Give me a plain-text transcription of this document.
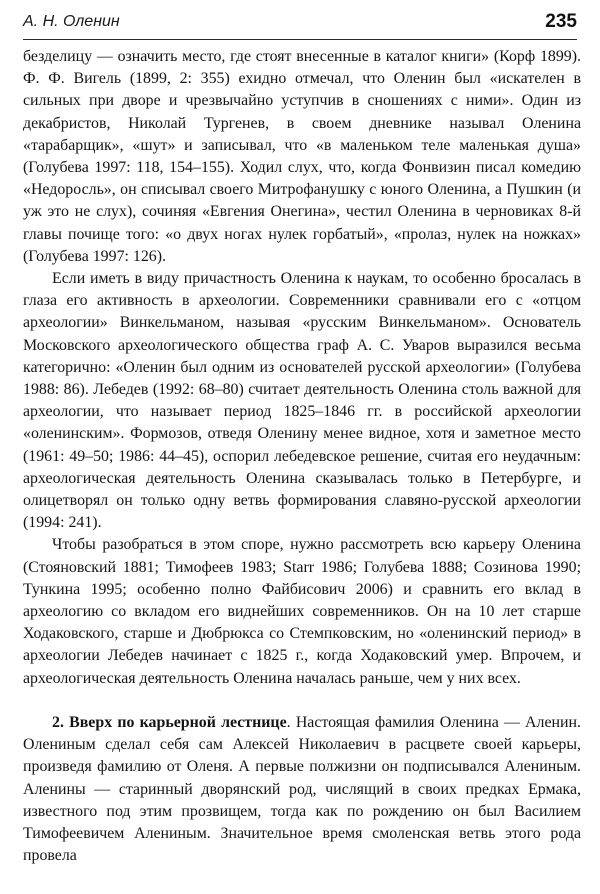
А. Н. Оленин	235

безделицу — означить место, где стоят внесенные в каталог книги» (Корф 1899). Ф. Ф. Вигель (1899, 2: 355) ехидно отмечал, что Оленин был «искателен в сильных при дворе и чрезвычайно уступчив в сношениях с ними». Один из декабристов, Николай Тургенев, в своем дневнике называл Оленина «тарабарщик», «шут» и записывал, что «в маленьком теле маленькая душа» (Голубева 1997: 118, 154–155). Ходил слух, что, когда Фонвизин писал комедию «Недоросль», он списывал своего Митрофанушку с юного Оленина, а Пушкин (и уж это не слух), сочиняя «Евгения Онегина», честил Оленина в черновиках 8-й главы почище того: «о двух ногах нулек горбатый», «пролаз, нулек на ножках» (Голубева 1997: 126).

Если иметь в виду причастность Оленина к наукам, то особенно бросалась в глаза его активность в археологии. Современники сравнивали его с «отцом археологии» Винкельманом, называя «русским Винкельманом». Основатель Московского археологического общества граф А. С. Уваров выразился весьма категорично: «Оленин был одним из основателей русской археологии» (Голубева 1988: 86). Лебедев (1992: 68–80) считает деятельность Оленина столь важной для археологии, что называет период 1825–1846 гг. в российской археологии «оленинским». Формозов, отведя Оленину менее видное, хотя и заметное место (1961: 49–50; 1986: 44–45), оспорил лебедевское решение, считая его неудачным: археологическая деятельность Оленина сказывалась только в Петербурге, и олицетворял он только одну ветвь формирования славяно-русской археологии (1994: 241).

Чтобы разобраться в этом споре, нужно рассмотреть всю карьеру Оленина (Стояновский 1881; Тимофеев 1983; Starr 1986; Голубева 1888; Созинова 1990; Тункина 1995; особенно полно Файбисович 2006) и сравнить его вклад в археологию со вкладом его виднейших современников. Он на 10 лет старше Ходаковского, старше и Дюбрюкса со Стемпковским, но «оленинский период» в археологии Лебедев начинает с 1825 г., когда Ходаковский умер. Впрочем, и археологическая деятельность Оленина началась раньше, чем у них всех.

2. Вверх по карьерной лестнице. Настоящая фамилия Оленина — Аленин. Олениным сделал себя сам Алексей Николаевич в расцвете своей карьеры, произведя фамилию от Оленя. А первые полжизни он подписывался Алениным. Аленины — старинный дворянский род, числящий в своих предках Ермака, известного под этим прозвищем, тогда как по рождению он был Василием Тимофеевичем Алениным. Значительное время смоленская ветвь этого рода провела
